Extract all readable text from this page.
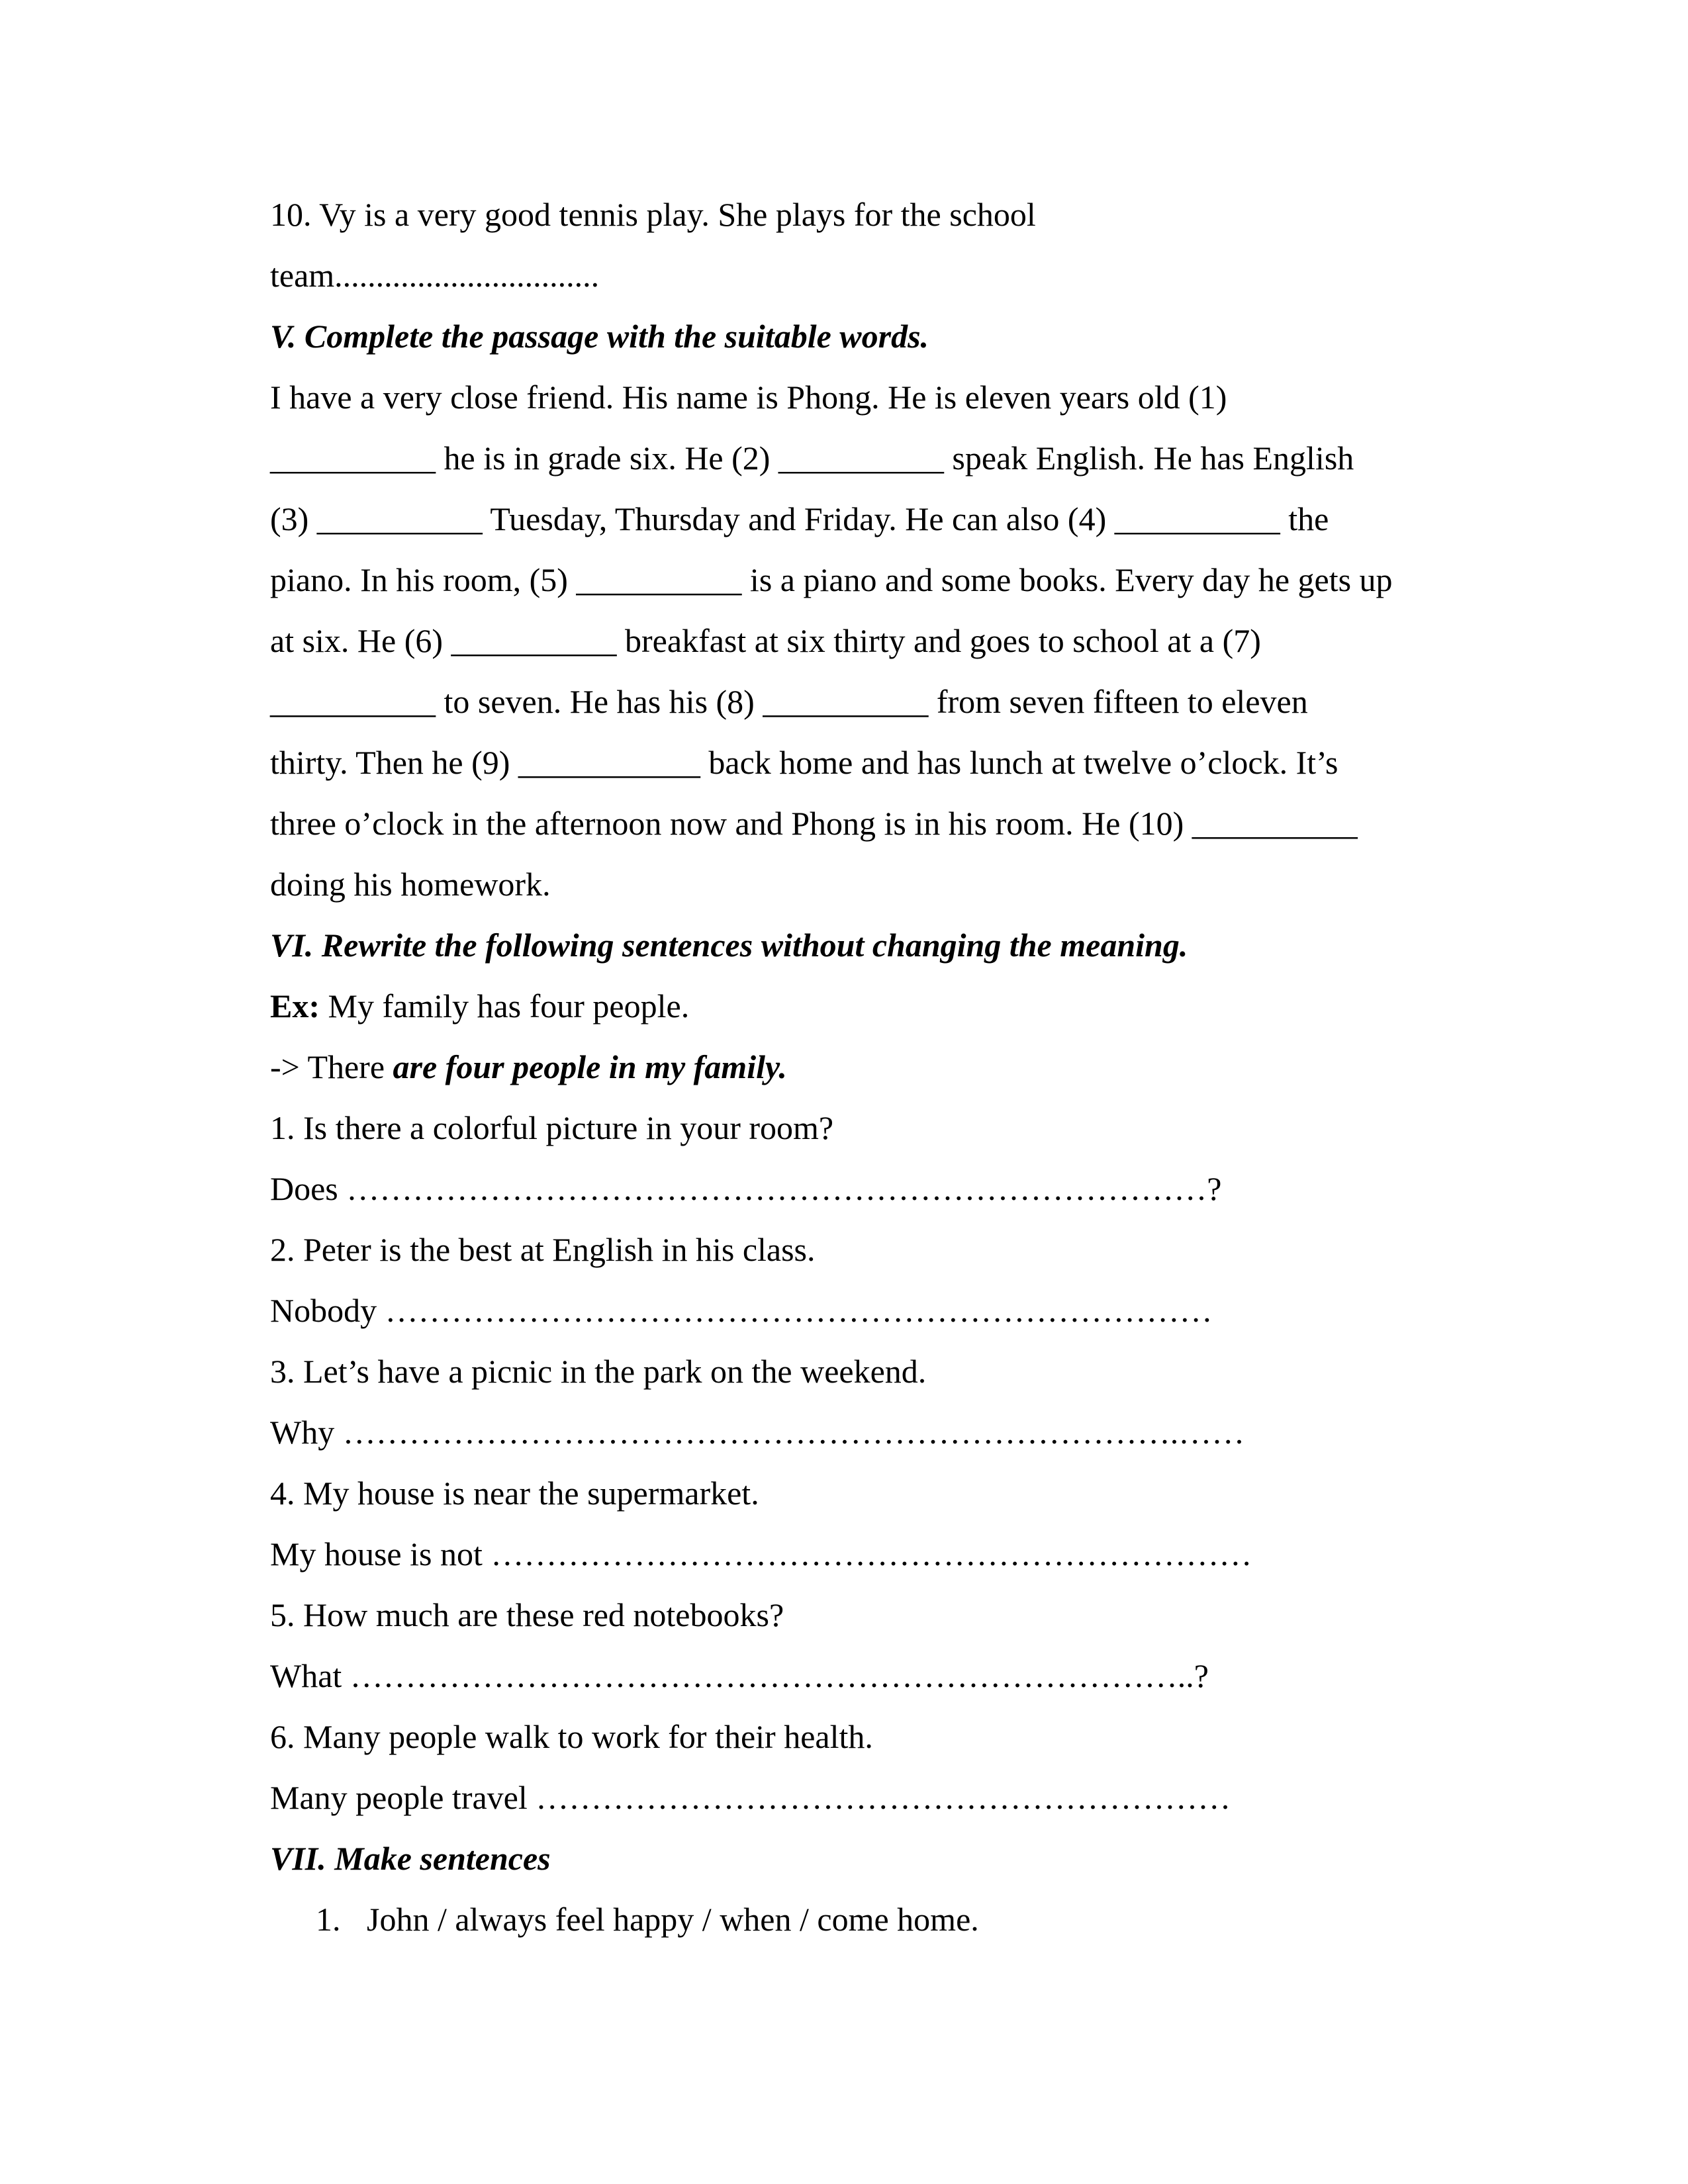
10. Vy is a very good tennis play. She plays for the school
team................................
V. Complete the passage with the suitable words.
I have a very close friend. His name is Phong. He is eleven years old (1)
__________ he is in grade six. He (2) __________ speak English. He has English
(3) __________ Tuesday, Thursday and Friday. He can also (4) __________ the
piano. In his room, (5) __________ is a piano and some books. Every day he gets up
at six. He (6) __________ breakfast at six thirty and goes to school at a (7)
__________ to seven. He has his (8) __________ from seven fifteen to eleven
thirty. Then he (9) ___________ back home and has lunch at twelve o’clock. It’s
three o’clock in the afternoon now and Phong is in his room. He (10) __________
doing his homework.
VI. Rewrite the following sentences without changing the meaning.
Ex: My family has four people.
-> There are four people in my family.
1. Is there a colorful picture in your room?
Does ……………………………………………………………………?
2. Peter is the best at English in his class.
Nobody …………………………………………………………………
3. Let’s have a picnic in the park on the weekend.
Why ………………………………………………………………….……
4. My house is near the supermarket.
My house is not ……………………………………………………………
5. How much are these red notebooks?
What …………………………………………………………………..?
6. Many people walk to work for their health.
Many people travel ………………………………………………………
VII. Make sentences
1. John / always feel happy / when / come home.
